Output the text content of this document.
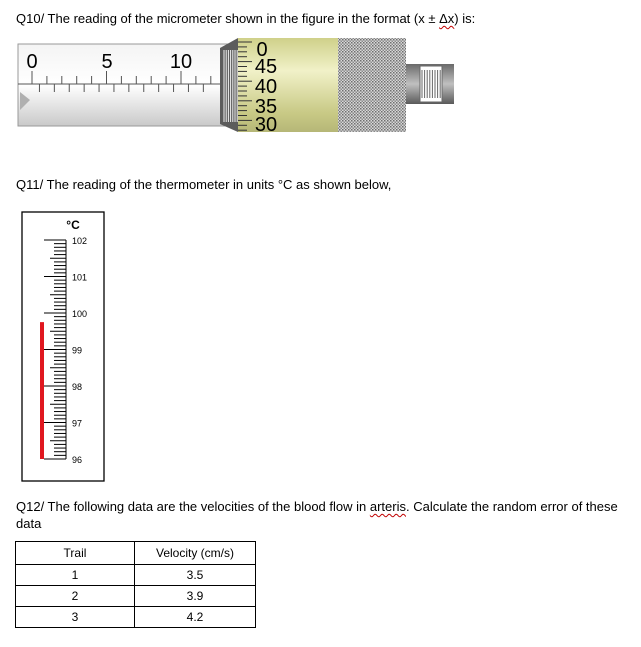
Q10/ The reading of the micrometer shown in the figure in the format (x ± Δx) is:
0	5	10
0
45
40
35
30
Q11/ The reading of the thermometer in units °C as shown below,
°C
102
101
100
99
98
97
96
Q12/ The following data are the velocities of the blood flow in arteris. Calculate the random error of these data
Trail	Velocity (cm/s)
1	3.5
2	3.9
3	4.2
